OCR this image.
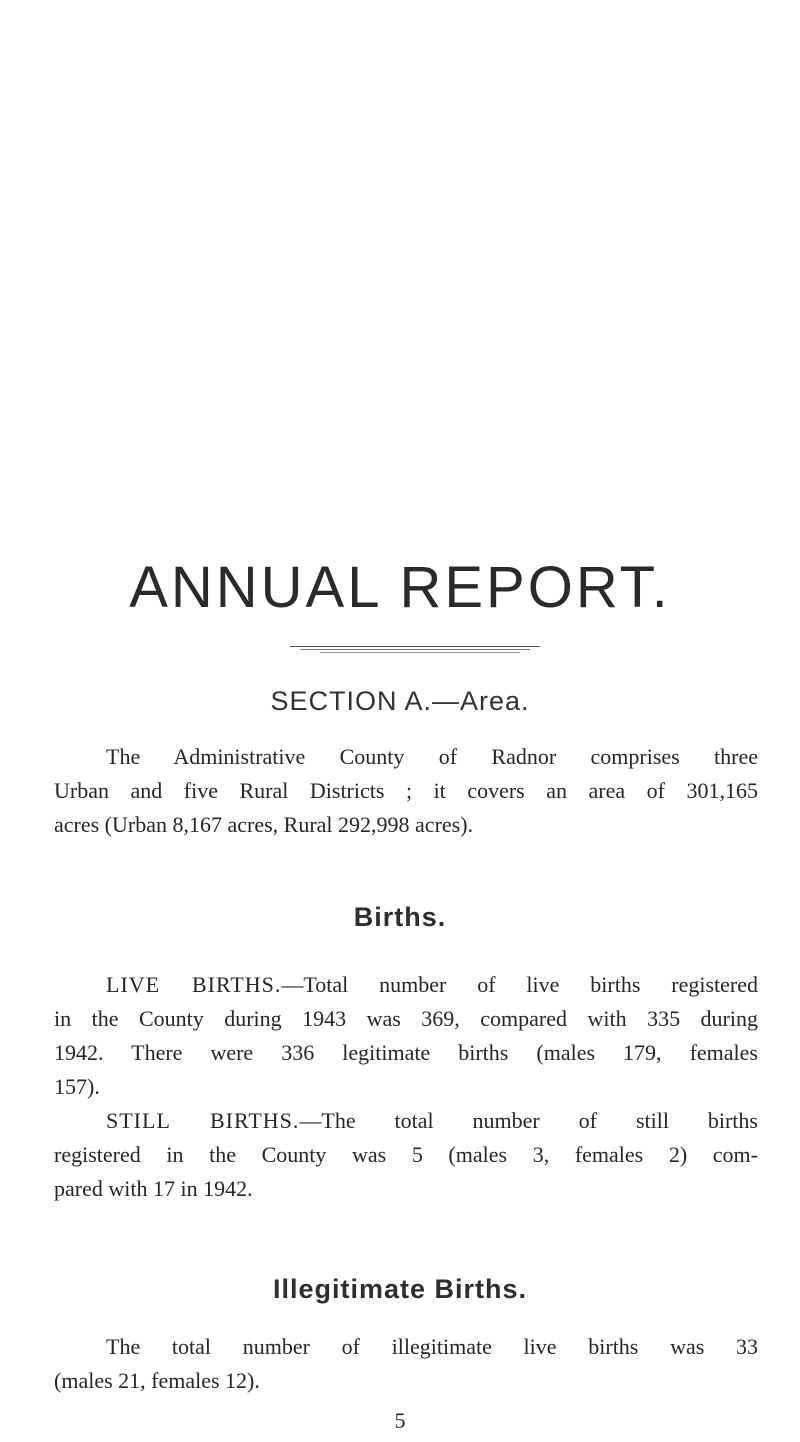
ANNUAL REPORT.
SECTION A.—Area.

The Administrative County of Radnor comprises three
Urban and five Rural Districts ; it covers an area of 301,165
acres (Urban 8,167 acres, Rural 292,998 acres).

Births.

LIVE BIRTHS.—Total number of live births registered
in the County during 1943 was 369, compared with 335 during
1942. There were 336 legitimate births (males 179, females
157).

STILL BIRTHS.—The total number of still births
registered in the County was 5 (males 3, females 2) com-
pared with 17 in 1942.

Illegitimate Births.

The total number of illegitimate live births was 33
(males 21, females 12).

5
